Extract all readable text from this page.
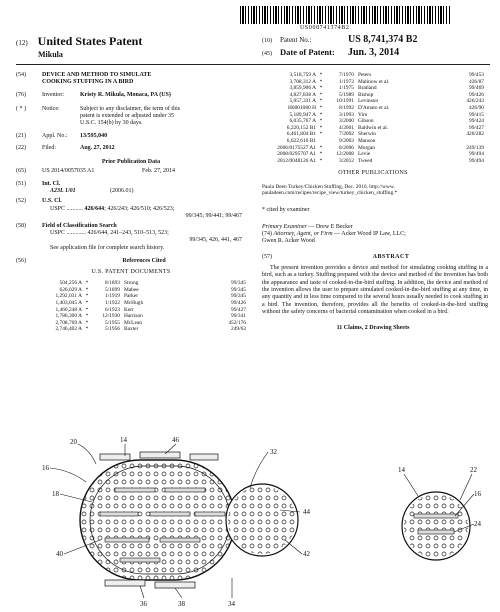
US008741374B2
(12) United States Patent
Mikula
(10)	Patent No.:	US 8,741,374 B2
(45) Date of Patent:	Jun. 3, 2014
(54)	DEVICE AND METHOD TO SIMULATE
COOKING STUFFING IN A BIRD
(76)	Inventor:	Kristy R. Mikula, Monaca, PA (US)
( * )	Notice:	Subject to any disclaimer, the term of this
patent is extended or adjusted under 35
U.S.C. 154(b) by 30 days.
(21)	Appl. No.:	13/595,040
(22)	Filed:	Aug. 27, 2012
Prior Publication Data
(65)	US 2014/0057035 A1	Feb. 27, 2014
(51)	Int. Cl.
A23L 1/01	(2006.01)
(52)	U.S. Cl.
USPC ........... 426/644; 426/243; 426/510; 426/523;
99/345; 99/441; 99/467
(58)	Field of Classification Search
USPC ............. 426/644, 241–243, 510–513, 523;
99/345, 426, 441, 467
See application file for complete search history.
(56)	References Cited
U.S. PATENT DOCUMENTS
504,256 A *	8/1893 Strong	99/345
626,029 A *	5/1899 Mabee	99/345
1,292,031 A *	1/1919 Parker	99/345
1,403,045 A *	1/1922 McHugh	99/426
1,460,248 A *	6/1923 Kerr	99/427
1,786,300 A *	12/1930 Harrison	99/341
2,708,769 A *	5/1955 McLean	452/176
2,746,402 A *	5/1956 Baxter	249/63
3,518,759 A *	7/1970 Peters	99/453
3,708,312 A *	1/1973 Malinow et al.	426/87
3,859,906 A *	1/1975 Bratland	99/469
4,827,838 A *	5/1989 Bishop	99/426
5,057,331 A *	10/1991 Levinson	426/243
H0001080 H *	8/1992 D'Amato et al.	426/90
5,189,947 A *	3/1993 Yim	99/415
6,035,767 A *	3/2000 Gibson	99/424
6,220,152 B1 *	4/2001 Baldwin et al.	99/427
6,461,804 B1 *	7/2002 Sherwin	426/282
6,622,616 B1	9/2003 Manson
2006/0175527 A1 *	8/2006 Morgan	249/139
2008/0295707 A1 *	12/2008 Levie	99/494
2012/0048126 A1 *	3/2012 Tweed	99/494
OTHER PUBLICATIONS
Paula Deen Turkey/Chicken Stuffing, Dec. 2010, http://www.
pauladeen.com/recipes/recipe_view/turkey_chicken_stuffing.*
* cited by examiner
Primary Examiner — Drew E Becker
(74) Attorney, Agent, or Firm — Acker Wood IP Law, LLC;
Gwen R. Acker Wood
(57)	ABSTRACT
The present invention provides a device and method for simulating cooking stuffing in a bird, such as a turkey. Stuffing prepared with the device and method of the invention has both the appearance and taste of cooked-in-the-bird stuffing. In addition, the device and method of the invention allows the user to prepare simulated cooked-in-the-bird stuffing at any time, in any quantity and in less time compared to the several hours usually needed to cook stuffing in a bird. The invention, therefore, provides all the benefits of cooked-in-the-bird stuffing without the safety concerns of bacterial contamination when cooked in a bird.
11 Claims, 2 Drawing Sheets
20	14	46
32
16
18
44
40	42
36	38	34
14	22
16
24
